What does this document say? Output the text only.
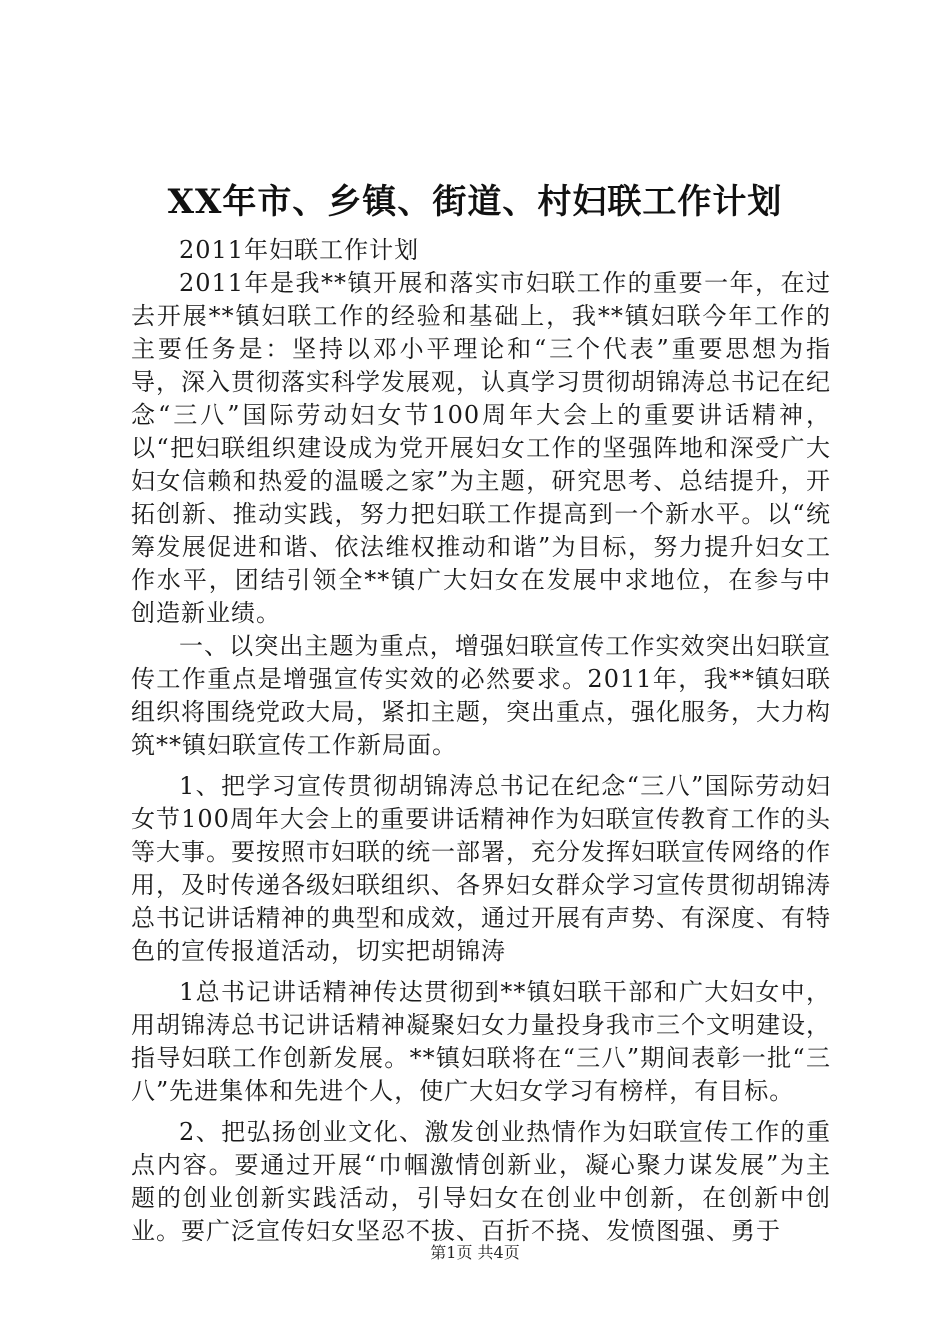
XX年市、乡镇、街道、村妇联工作计划

2011年妇联工作计划

2011年是我**镇开展和落实市妇联工作的重要一年，在过去开展**镇妇联工作的经验和基础上，我**镇妇联今年工作的主要任务是：坚持以邓小平理论和“三个代表”重要思想为指导，深入贯彻落实科学发展观，认真学习贯彻胡锦涛总书记在纪念“三八”国际劳动妇女节100周年大会上的重要讲话精神，以“把妇联组织建设成为党开展妇女工作的坚强阵地和深受广大妇女信赖和热爱的温暖之家”为主题，研究思考、总结提升，开拓创新、推动实践，努力把妇联工作提高到一个新水平。以“统筹发展促进和谐、依法维权推动和谐”为目标，努力提升妇女工作水平，团结引领全**镇广大妇女在发展中求地位，在参与中创造新业绩。

一、以突出主题为重点，增强妇联宣传工作实效突出妇联宣传工作重点是增强宣传实效的必然要求。2011年，我**镇妇联组织将围绕党政大局，紧扣主题，突出重点，强化服务，大力构筑**镇妇联宣传工作新局面。

1、把学习宣传贯彻胡锦涛总书记在纪念“三八”国际劳动妇女节100周年大会上的重要讲话精神作为妇联宣传教育工作的头等大事。要按照市妇联的统一部署，充分发挥妇联宣传网络的作用，及时传递各级妇联组织、各界妇女群众学习宣传贯彻胡锦涛总书记讲话精神的典型和成效，通过开展有声势、有深度、有特色的宣传报道活动，切实把胡锦涛

1总书记讲话精神传达贯彻到**镇妇联干部和广大妇女中，用胡锦涛总书记讲话精神凝聚妇女力量投身我市三个文明建设，指导妇联工作创新发展。**镇妇联将在“三八”期间表彰一批“三八”先进集体和先进个人，使广大妇女学习有榜样，有目标。

2、把弘扬创业文化、激发创业热情作为妇联宣传工作的重点内容。要通过开展“巾帼激情创新业，凝心聚力谋发展”为主题的创业创新实践活动，引导妇女在创业中创新，在创新中创业。要广泛宣传妇女坚忍不拔、百折不挠、发愤图强、勇于

第1页 共4页
